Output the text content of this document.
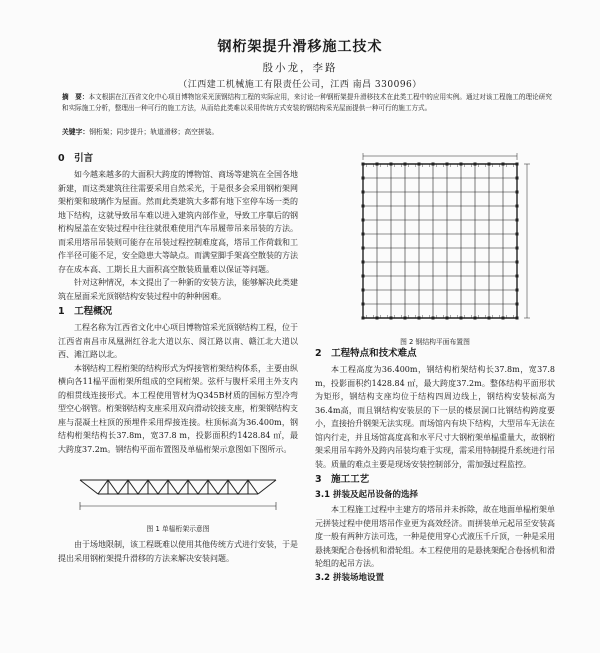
钢桁架提升滑移施工技术
殷小龙，李路
（江西建工机械施工有限责任公司，江西 南昌 330096）
摘　要：本文根据在江西省文化中心项目博物馆采光顶钢结构工程的实际应用，来讨论一种钢桁架提升滑移技术在此类工程中的应用实例。通过对该工程施工的理论研究和实际施工分析，整理出一种可行的施工方法，从而给此类难以采用传统方式安装的钢结构采光屋面提供一种可行的施工方式。
关键字：钢桁架；同步提升；轨道滑移；高空拼装。
0　引言

如今越来越多的大面积大跨度的博物馆、商场等建筑在全国各地新建，而这类建筑往往需要采用自然采光，于是很多会采用钢桁架网架桁架和玻璃作为屋面。然而此类建筑大多都有地下室停车场一类的地下结构，这就导致吊车难以进入建筑内部作业，导致工序靠后的钢桁构屋盖在安装过程中往往就很难使用汽车吊履带吊来吊装的方法。而采用塔吊吊装则可能存在吊装过程控制难度高，塔吊工作荷载和工作半径可能不足，安全隐患大等缺点。而满堂脚手架高空散装的方法存在成本高、工期长且大面积高空散装质量难以保证等问题。

针对这种情况，本文提出了一种新的安装方法，能够解决此类建筑在屋面采光顶钢结构安装过程中的种种困难。

1　工程概况

工程名称为江西省文化中心项目博物馆采光顶钢结构工程，位于江西省南昌市凤凰洲红谷北大道以东、阅江路以南、赣江北大道以西、滩江路以北。

本钢结构工程桁架的结构形式为焊接管桁架结构体系，主要由纵横向各11榀平面桁架所组成的空间桁架。弦杆与腹杆采用主外支内的相贯线连接形式。本工程使用管材为Q345B材质的国标方型冷弯型空心钢管。桁架钢结构支座采用双向滑动铰接支座，桁架钢结构支座与混凝土柱顶的预埋件采用焊接连接。柱顶标高为36.400m，钢结构桁架结构长37.8m，宽37.8 m，投影面积约1428.84 ㎡，最大跨度37.2m。钢结构平面布置图及单榀桁架示意图如下图所示。

图 1 单榀桁架示意图

由于场地限制，该工程既难以使用其他传统方式进行安装，于是提出采用钢桁架提升滑移的方法来解决安装问题。

图 2 钢结构平面布置图
2　工程特点和技术难点

本工程高度为36.400m，钢结构桁架结构长37.8m，宽37.8 m，投影面积约1428.84 ㎡，最大跨度37.2m。整体结构平面形状为矩形，钢结构支座均位于结构四周边线上，钢结构安装标高为36.4m高，而且钢结构安装层的下一层的楼层洞口比钢结构跨度要小，直接抬升钢架无法实现。而场馆内有块下结构，大型吊车无法在馆内行走，并且场馆高度高和水平尺寸大钢桁架单榀重量大，故钢桁架采用吊车跨外及跨内吊装均难于实现，需采用特制提升系统进行吊装。质量的难点主要是现场安装控制部分，需加强过程监控。

3　施工工艺
3.1 拼装及起吊设备的选择

本工程施工过程中主建方的塔吊并未拆除，故在地面单榀桁架单元拼装过程中使用塔吊作业更为高效经济。而拼装单元起吊至安装高度一般有两种方法可选，一种是使用穿心式液压千斤顶，一种是采用悬挑架配合卷扬机和滑轮组。本工程使用的是悬挑架配合卷扬机和滑轮组的起吊方法。

3.2 拼装场地设置
